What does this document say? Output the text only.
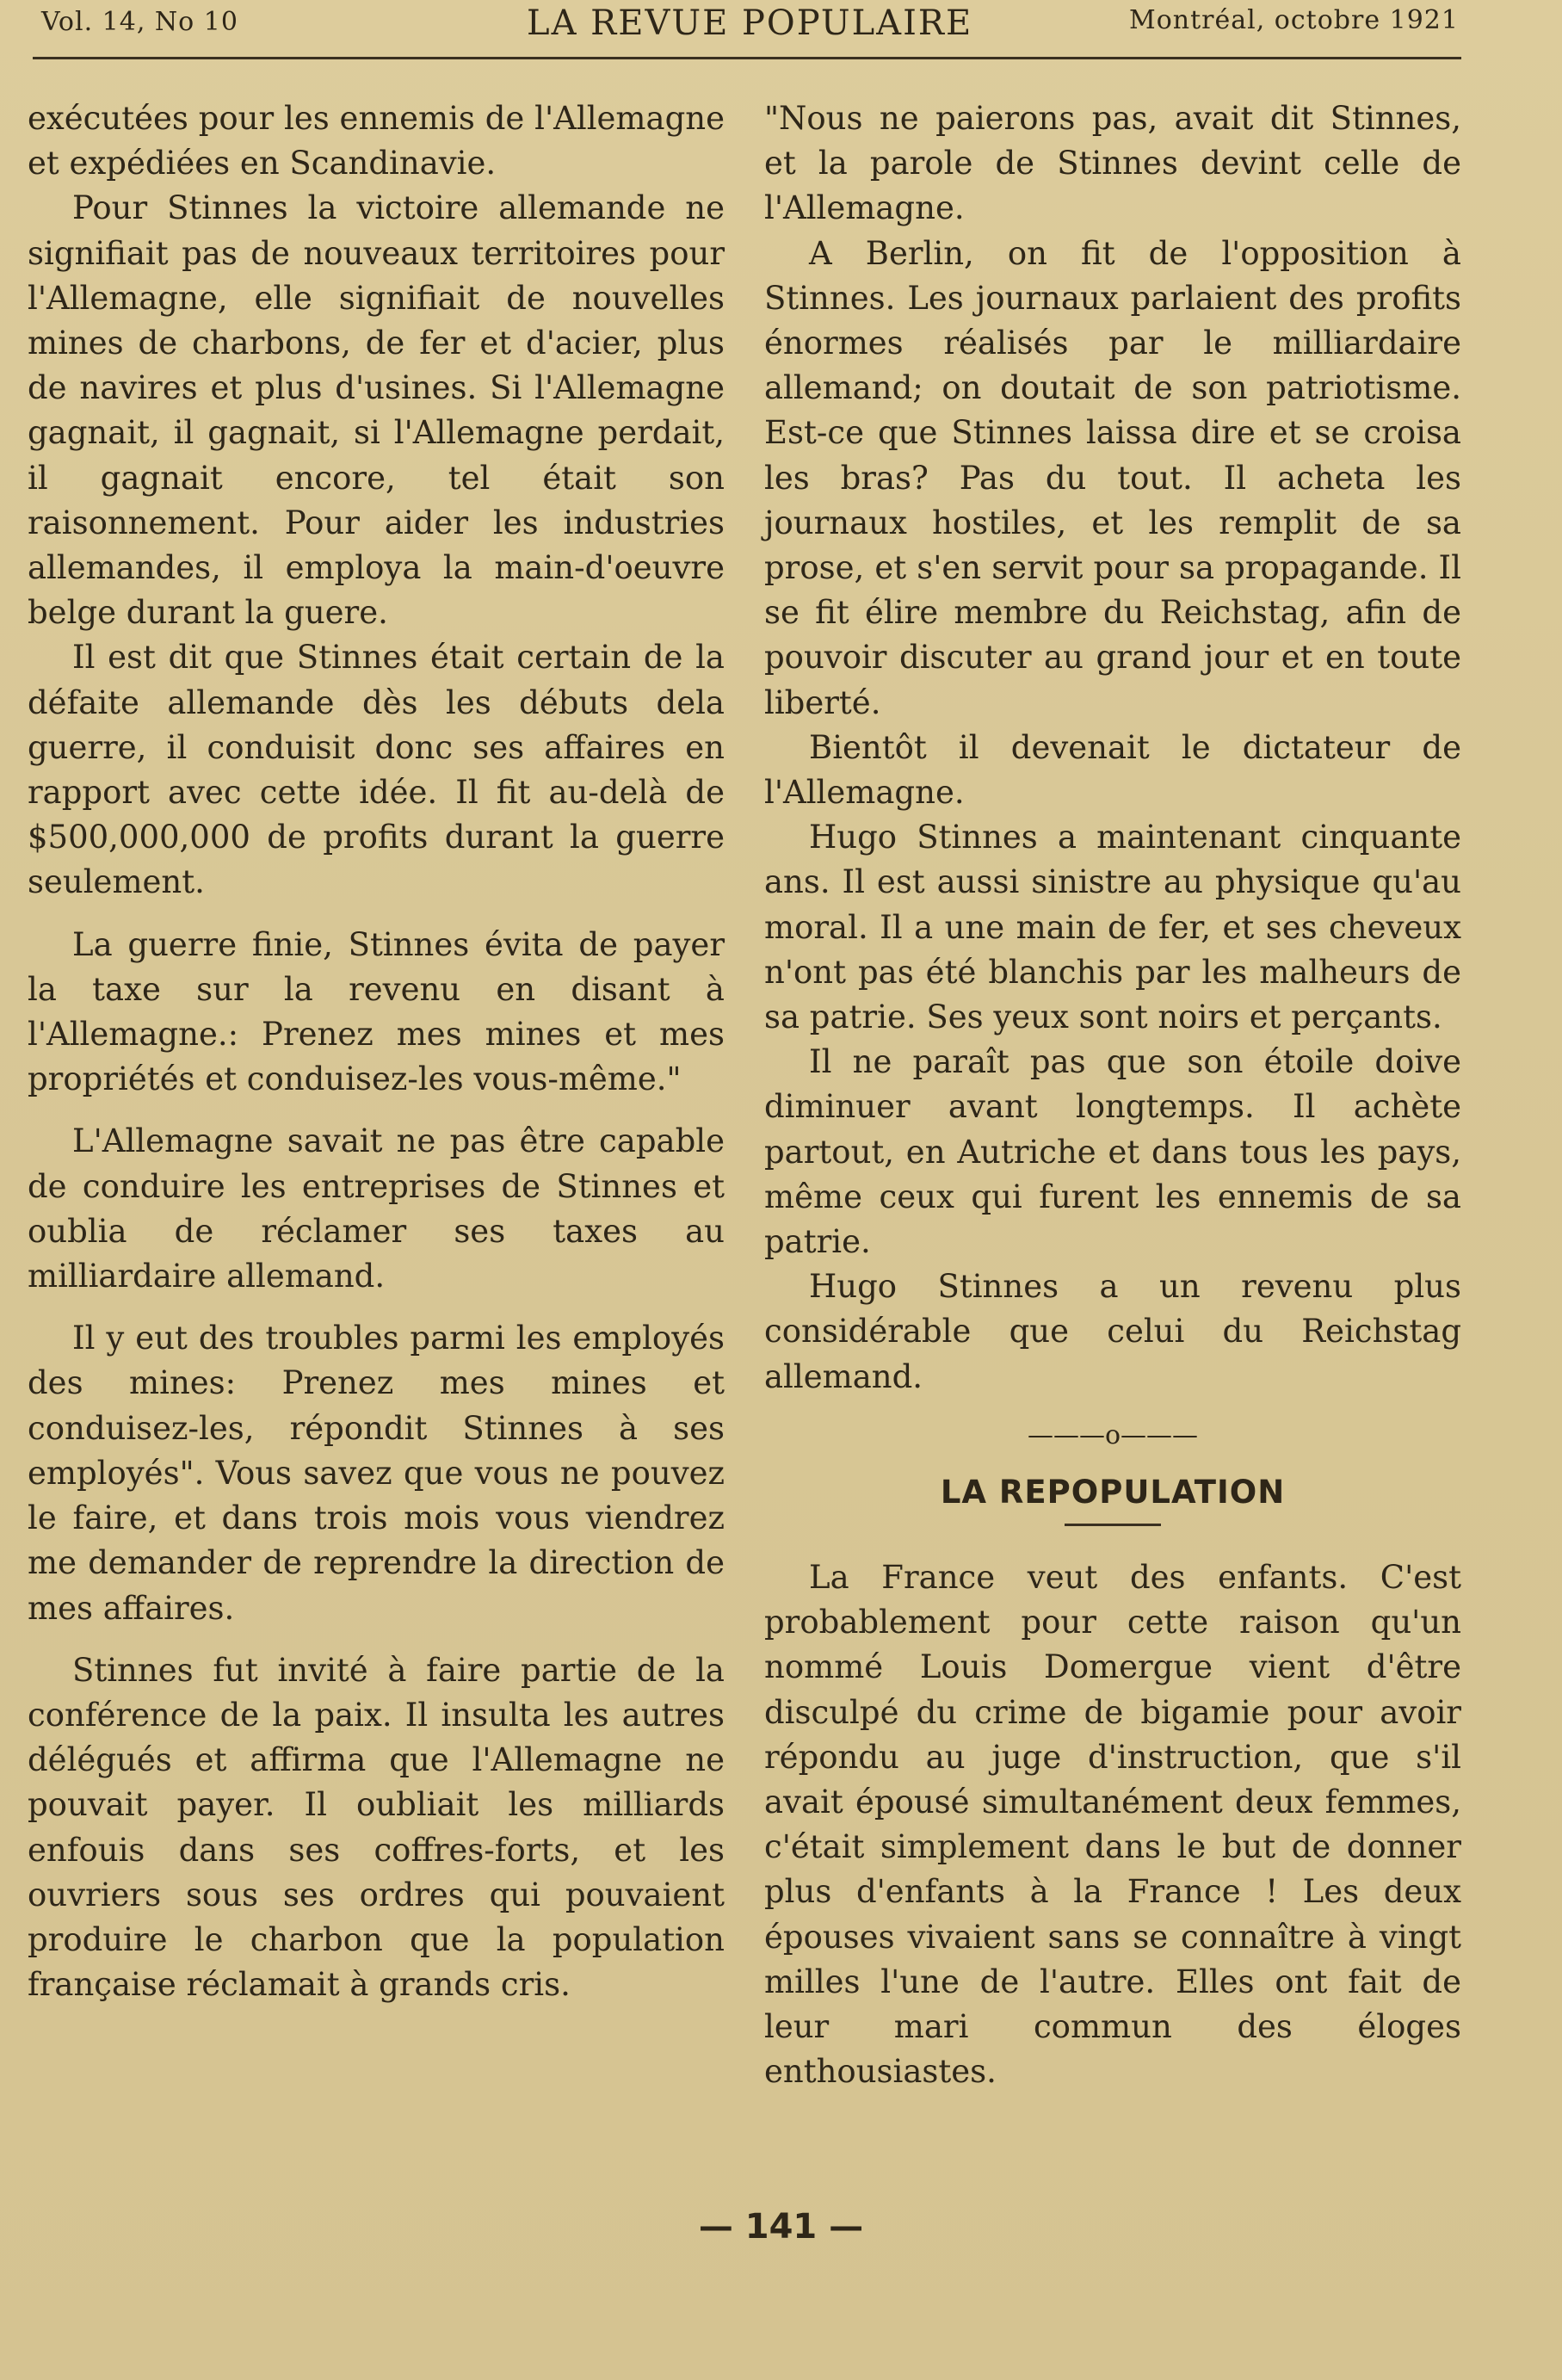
Vol. 14, No 10	LA REVUE POPULAIRE	Montréal, octobre 1921

exécutées pour les ennemis de l'Allemagne et expédiées en Scandinavie.

Pour Stinnes la victoire allemande ne signifiait pas de nouveaux territoires pour l'Allemagne, elle signifiait de nouvelles mines de charbons, de fer et d'acier, plus de navires et plus d'usines. Si l'Allemagne gagnait, il gagnait, si l'Allemagne perdait, il gagnait encore, tel était son raisonnement. Pour aider les industries allemandes, il employa la main-d'oeuvre belge durant la guere.

Il est dit que Stinnes était certain de la défaite allemande dès les débuts dela guerre, il conduisit donc ses affaires en rapport avec cette idée. Il fit au-delà de $500,000,000 de profits durant la guerre seulement.

La guerre finie, Stinnes évita de payer la taxe sur la revenu en disant à l'Allemagne.: Prenez mes mines et mes propriétés et conduisez-les vous-même."

L'Allemagne savait ne pas être capable de conduire les entreprises de Stinnes et oublia de réclamer ses taxes au milliardaire allemand.

Il y eut des troubles parmi les employés des mines: Prenez mes mines et conduisez-les, répondit Stinnes à ses employés". Vous savez que vous ne pouvez le faire, et dans trois mois vous viendrez me demander de reprendre la direction de mes affaires.

Stinnes fut invité à faire partie de la conférence de la paix. Il insulta les autres délégués et affirma que l'Allemagne ne pouvait payer. Il oubliait les milliards enfouis dans ses coffres-forts, et les ouvriers sous ses ordres qui pouvaient produire le charbon que la population française réclamait à grands cris.

"Nous ne paierons pas, avait dit Stinnes, et la parole de Stinnes devint celle de l'Allemagne.

A Berlin, on fit de l'opposition à Stinnes. Les journaux parlaient des profits énormes réalisés par le milliardaire allemand; on doutait de son patriotisme. Est-ce que Stinnes laissa dire et se croisa les bras? Pas du tout. Il acheta les journaux hostiles, et les remplit de sa prose, et s'en servit pour sa propagande. Il se fit élire membre du Reichstag, afin de pouvoir discuter au grand jour et en toute liberté.

Bientôt il devenait le dictateur de l'Allemagne.

Hugo Stinnes a maintenant cinquante ans. Il est aussi sinistre au physique qu'au moral. Il a une main de fer, et ses cheveux n'ont pas été blanchis par les malheurs de sa patrie. Ses yeux sont noirs et perçants.

Il ne paraît pas que son étoile doive diminuer avant longtemps. Il achète partout, en Autriche et dans tous les pays, même ceux qui furent les ennemis de sa patrie.

Hugo Stinnes a un revenu plus considérable que celui du Reichstag allemand.

———o———
LA REPOPULATION

La France veut des enfants. C'est probablement pour cette raison qu'un nommé Louis Domergue vient d'être disculpé du crime de bigamie pour avoir répondu au juge d'instruction, que s'il avait épousé simultanément deux femmes, c'était simplement dans le but de donner plus d'enfants à la France ! Les deux épouses vivaient sans se connaître à vingt milles l'une de l'autre. Elles ont fait de leur mari commun des éloges enthousiastes.

— 141 —
